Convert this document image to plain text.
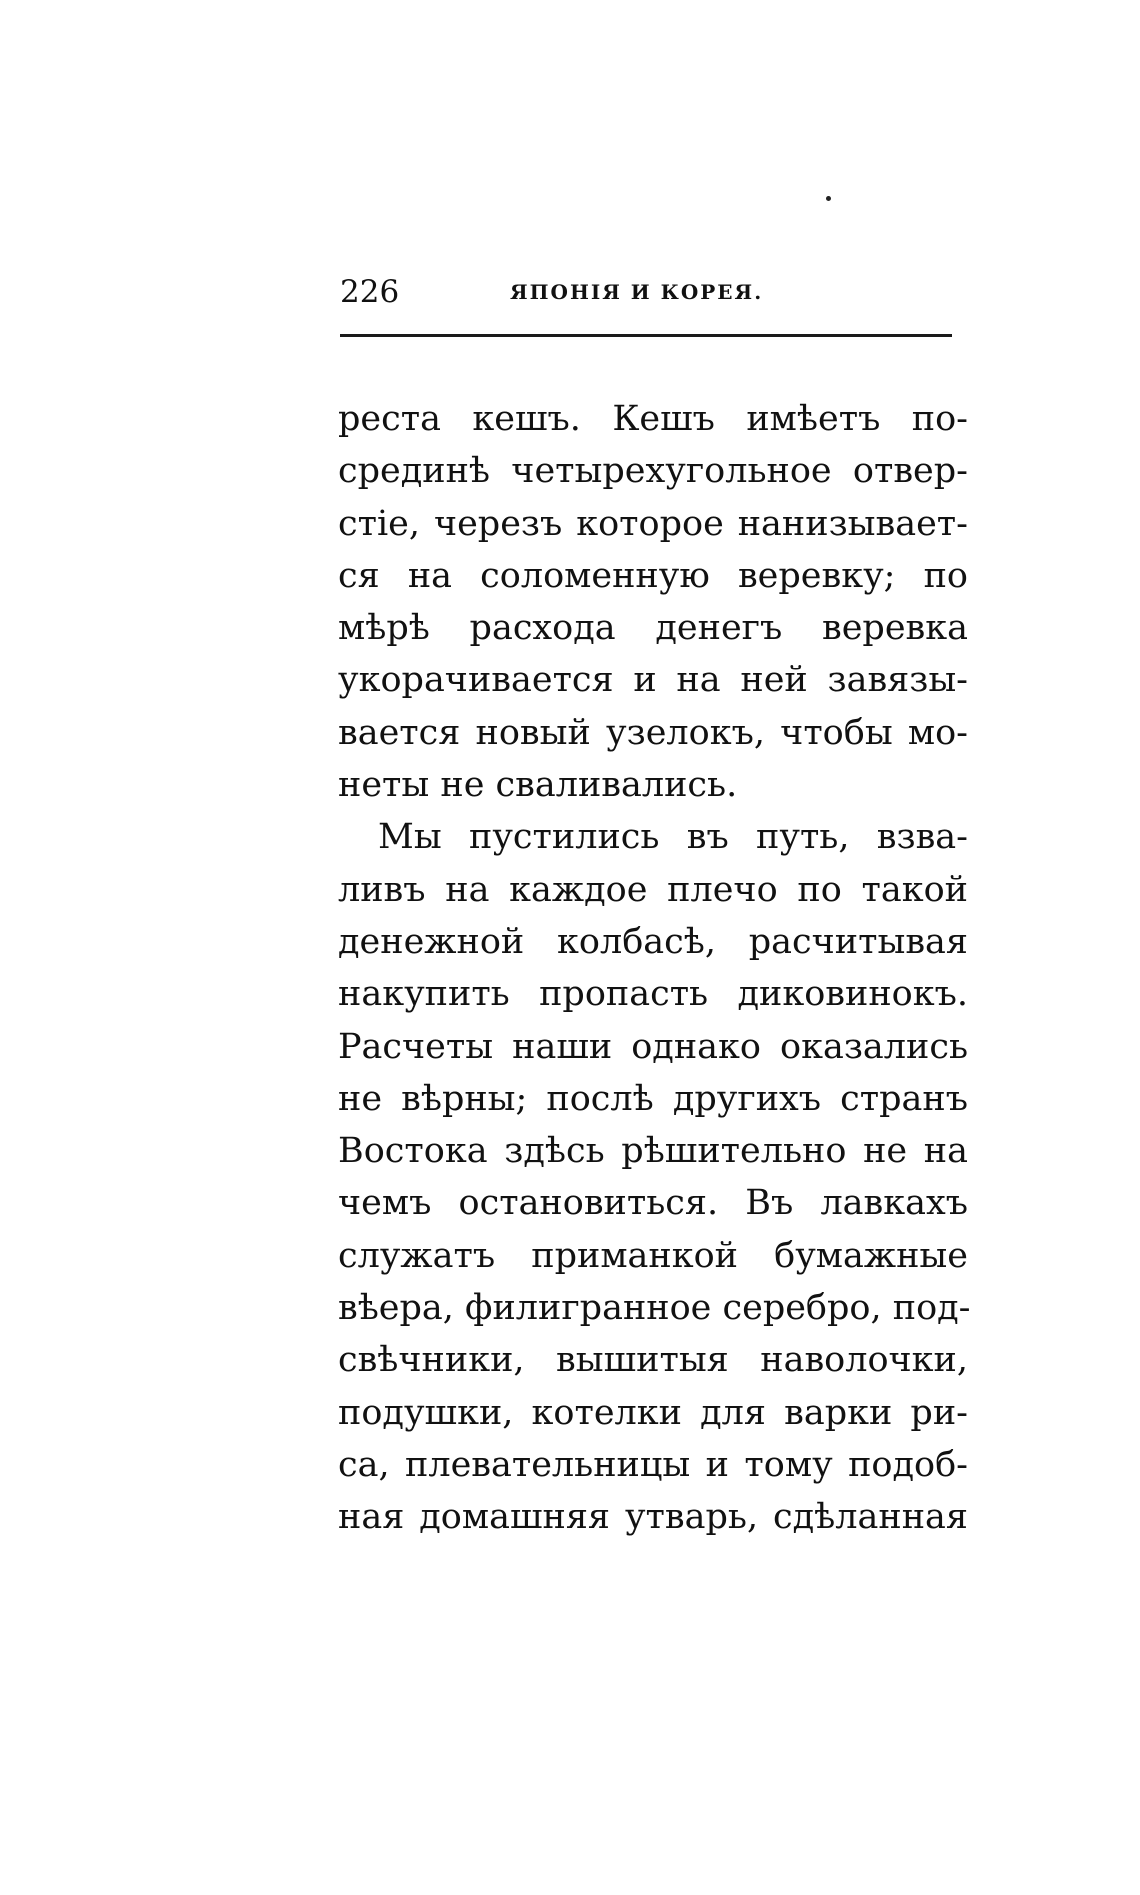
226	ЯПОНІЯ И КОРЕЯ.
реста кешъ. Кешъ имѣетъ по-
срединѣ четырехугольное отвер-
стіе, черезъ которое нанизывает-
ся на соломенную веревку; по
мѣрѣ расхода денегъ веревка
укорачивается и на ней завязы-
вается новый узелокъ, чтобы мо-
неты не сваливались.
Мы пустились въ путь, взва-
ливъ на каждое плечо по такой
денежной колбасѣ, расчитывая
накупить пропасть диковинокъ.
Расчеты наши однако оказались
не вѣрны; послѣ другихъ странъ
Востока здѣсь рѣшительно не на
чемъ остановиться. Въ лавкахъ
служатъ приманкой бумажные
вѣера, филигранное серебро, под-
свѣчники, вышитыя наволочки,
подушки, котелки для варки ри-
са, плевательницы и тому подоб-
ная домашняя утварь, сдѣланная
